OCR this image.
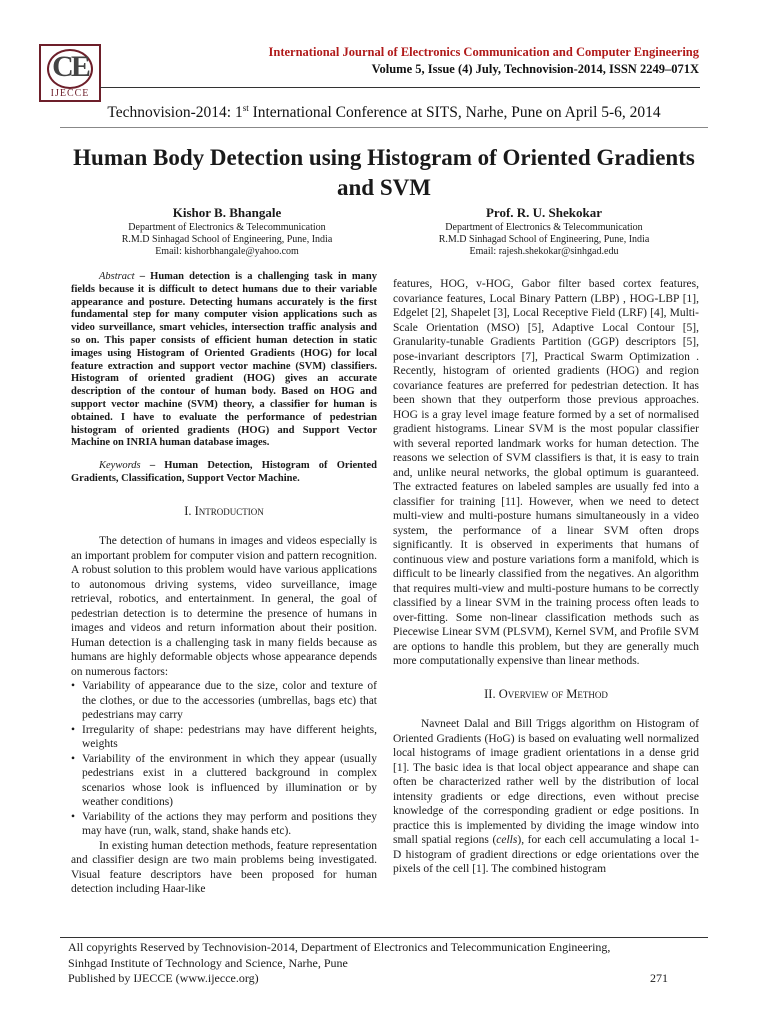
CE
IJECCE
International Journal of Electronics Communication and Computer Engineering
Volume 5, Issue (4) July, Technovision-2014, ISSN 2249–071X
Technovision-2014: 1st International Conference at SITS, Narhe, Pune on April 5-6, 2014
Human Body Detection using Histogram of Oriented Gradients and SVM
Kishor B. Bhangale
Department of Electronics & Telecommunication
R.M.D Sinhagad School of Engineering, Pune, India
Email: kishorbhangale@yahoo.com
Prof. R. U. Shekokar
Department of Electronics & Telecommunication
R.M.D Sinhagad School of Engineering, Pune, India
Email: rajesh.shekokar@sinhgad.edu

Abstract – Human detection is a challenging task in many fields because it is difficult to detect humans due to their variable appearance and posture. Detecting humans accurately is the first fundamental step for many computer vision applications such as video surveillance, smart vehicles, intersection traffic analysis and so on. This paper consists of efficient human detection in static images using Histogram of Oriented Gradients (HOG) for local feature extraction and support vector machine (SVM) classifiers. Histogram of oriented gradient (HOG) gives an accurate description of the contour of human body. Based on HOG and support vector machine (SVM) theory, a classifier for human is obtained. I have to evaluate the performance of pedestrian histogram of oriented gradients (HOG) and Support Vector Machine on INRIA human database images.

Keywords – Human Detection, Histogram of Oriented Gradients, Classification, Support Vector Machine.

I. Introduction

The detection of humans in images and videos especially is an important problem for computer vision and pattern recognition. A robust solution to this problem would have various applications to autonomous driving systems, video surveillance, image retrieval, robotics, and entertainment. In general, the goal of pedestrian detection is to determine the presence of humans in images and videos and return information about their position. Human detection is a challenging task in many fields because as humans are highly deformable objects whose appearance depends on numerous factors:

• Variability of appearance due to the size, color and texture of the clothes, or due to the accessories (umbrellas, bags etc) that pedestrians may carry
• Irregularity of shape: pedestrians may have different heights, weights
• Variability of the environment in which they appear (usually pedestrians exist in a cluttered background in complex scenarios whose look is influenced by illumination or by weather conditions)
• Variability of the actions they may perform and positions they may have (run, walk, stand, shake hands etc).

In existing human detection methods, feature representation and classifier design are two main problems being investigated. Visual feature descriptors have been proposed for human detection including Haar-like

features, HOG, v-HOG, Gabor filter based cortex features, covariance features, Local Binary Pattern (LBP) , HOG-LBP [1], Edgelet [2], Shapelet [3], Local Receptive Field (LRF) [4], Multi-Scale Orientation (MSO) [5], Adaptive Local Contour [5], Granularity-tunable Gradients Partition (GGP) descriptors [5], pose-invariant descriptors [7], Practical Swarm Optimization . Recently, histogram of oriented gradients (HOG) and region covariance features are preferred for pedestrian detection. It has been shown that they outperform those previous approaches. HOG is a gray level image feature formed by a set of normalised gradient histograms. Linear SVM is the most popular classifier with several reported landmark works for human detection. The reasons we selection of SVM classifiers is that, it is easy to train and, unlike neural networks, the global optimum is guaranteed. The extracted features on labeled samples are usually fed into a classifier for training [11]. However, when we need to detect multi-view and multi-posture humans simultaneously in a video system, the performance of a linear SVM often drops significantly. It is observed in experiments that humans of continuous view and posture variations form a manifold, which is difficult to be linearly classified from the negatives. An algorithm that requires multi-view and multi-posture humans to be correctly classified by a linear SVM in the training process often leads to over-fitting. Some non-linear classification methods such as Piecewise Linear SVM (PLSVM), Kernel SVM, and Profile SVM are options to handle this problem, but they are generally much more computationally expensive than linear methods.

II. Overview of Method

Navneet Dalal and Bill Triggs algorithm on Histogram of Oriented Gradients (HoG) is based on evaluating well normalized local histograms of image gradient orientations in a dense grid [1]. The basic idea is that local object appearance and shape can often be characterized rather well by the distribution of local intensity gradients or edge directions, even without precise knowledge of the corresponding gradient or edge positions. In practice this is implemented by dividing the image window into small spatial regions (cells), for each cell accumulating a local 1-D histogram of gradient directions or edge orientations over the pixels of the cell [1]. The combined histogram

All copyrights Reserved by Technovision-2014, Department of Electronics and Telecommunication Engineering,
Sinhgad Institute of Technology and Science, Narhe, Pune
Published by IJECCE (www.ijecce.org)	271
